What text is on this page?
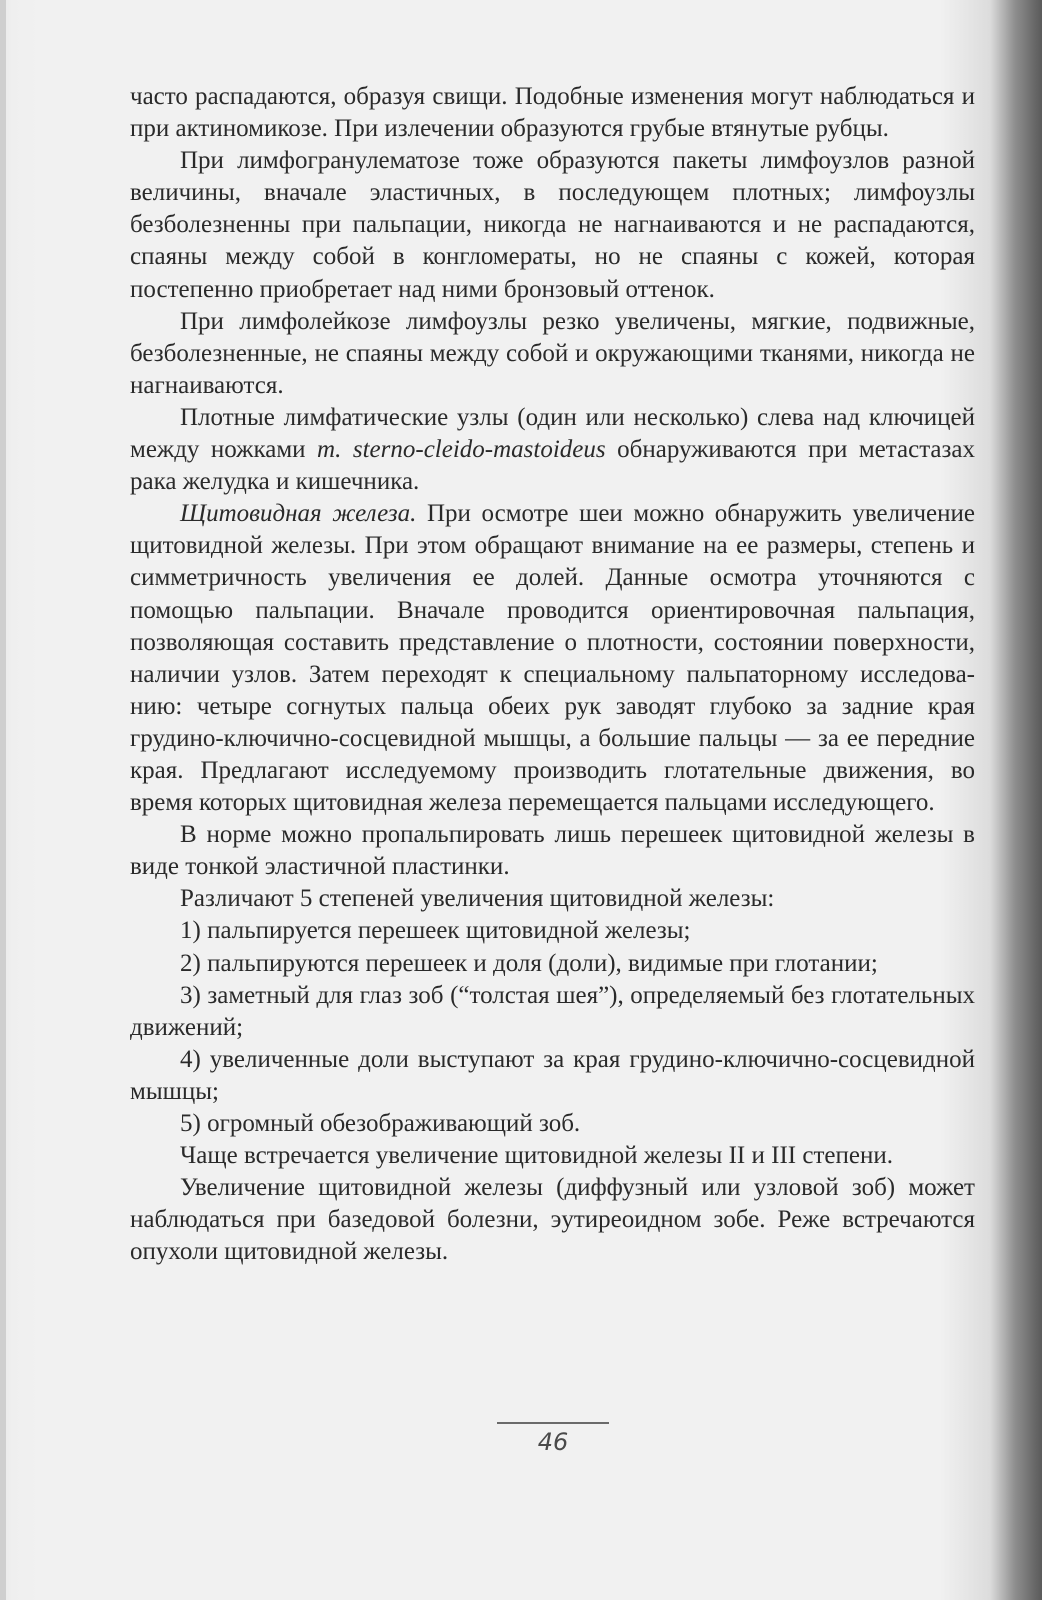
часто распадаются, образуя свищи. Подобные изменения могут наблюдаться и при актиномикозе. При излечении образуются грубые втянутые рубцы.

При лимфогранулематозе тоже образуются пакеты лимфоузлов разной величины, вначале эластичных, в последующем плотных; лимфоузлы безболезненны при пальпации, никогда не нагнаиваются и не распадаются, спаяны между собой в конгломераты, но не спаяны с кожей, которая постепенно приобретает над ними бронзовый оттенок.

При лимфолейкозе лимфоузлы резко увеличены, мягкие, подвижные, безболезненные, не спаяны между собой и окружающими тканями, никогда не нагнаиваются.

Плотные лимфатические узлы (один или несколько) слева над ключицей между ножками m. sterno-cleido-mastoideus обнаруживаются при метастазах рака желудка и кишечника.

Щитовидная железа. При осмотре шеи можно обнаружить увеличение щитовидной железы. При этом обращают внимание на ее размеры, степень и симметричность увеличения ее долей. Данные осмотра уточняются с помощью пальпации. Вначале проводится ориентировочная пальпация, позволяющая составить представление о плотности, состоянии поверхности, наличии узлов. Затем переходят к специальному пальпаторному исследованию: четыре согнутых пальца обеих рук заводят глубоко за задние края грудино-ключично-сосцевидной мышцы, а большие пальцы — за ее передние края. Предлагают исследуемому производить глотательные движения, во время которых щитовидная железа перемещается пальцами исследующего.

В норме можно пропальпировать лишь перешеек щитовидной железы в виде тонкой эластичной пластинки.

Различают 5 степеней увеличения щитовидной железы:

1) пальпируется перешеек щитовидной железы;

2) пальпируются перешеек и доля (доли), видимые при глотании;

3) заметный для глаз зоб (“толстая шея”), определяемый без глотательных движений;

4) увеличенные доли выступают за края грудино-ключично-сосцевидной мышцы;

5) огромный обезображивающий зоб.

Чаще встречается увеличение щитовидной железы II и III степени.

Увеличение щитовидной железы (диффузный или узловой зоб) может наблюдаться при базедовой болезни, эутиреоидном зобе. Реже встречаются опухоли щитовидной железы.

46
